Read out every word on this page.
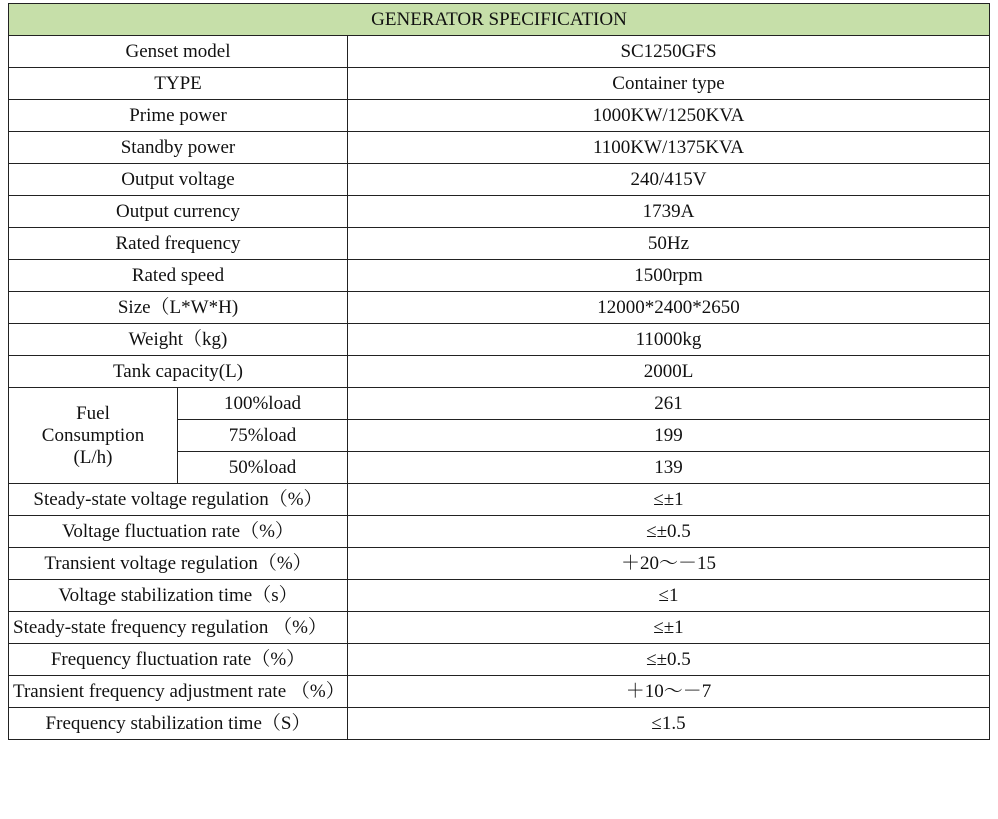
GENERATOR SPECIFICATION		
Genset model		SC1250GFS
TYPE		Container type
Prime power		1000KW/1250KVA
Standby power		1100KW/1375KVA
Output voltage		240/415V
Output currency		1739A
Rated frequency		50Hz
Rated speed		1500rpm
Size（L*W*H)		12000*2400*2650
Weight（kg)		11000kg
Tank capacity(L)		2000L

Fuel
Consumption
(L/h)	100%load	261
	75%load	199
	50%load	139
Steady-state voltage regulation（%）		≤±1
Voltage fluctuation rate（%）		≤±0.5
Transient voltage regulation（%）		＋20～－15
Voltage stabilization time（s）		≤1
Steady-state frequency regulation （%）		≤±1
Frequency fluctuation rate（%）		≤±0.5
Transient frequency adjustment rate （%）		＋10～－7
Frequency stabilization time（S）		≤1.5
